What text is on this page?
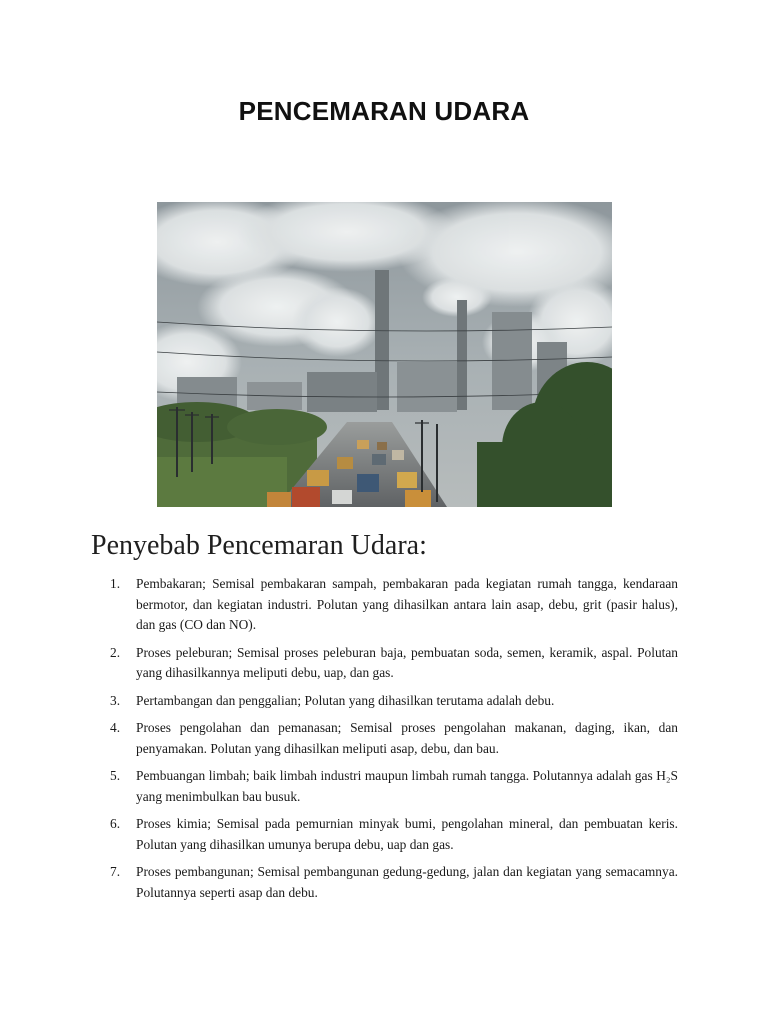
PENCEMARAN UDARA
Penyebab Pencemaran Udara:
1.	Pembakaran; Semisal pembakaran sampah, pembakaran pada kegiatan rumah tangga, kendaraan bermotor, dan kegiatan industri. Polutan yang dihasilkan antara lain asap, debu, grit (pasir halus), dan gas (CO dan NO).
2.	Proses peleburan; Semisal proses peleburan baja, pembuatan soda, semen, keramik, aspal. Polutan yang dihasilkannya meliputi debu, uap, dan gas.
3.	Pertambangan dan penggalian; Polutan yang dihasilkan terutama adalah debu.
4.	Proses pengolahan dan pemanasan; Semisal proses pengolahan makanan, daging, ikan, dan penyamakan. Polutan yang dihasilkan meliputi asap, debu, dan bau.
5.	Pembuangan limbah; baik limbah industri maupun limbah rumah tangga. Polutannya adalah gas H₂S yang menimbulkan bau busuk.
6.	Proses kimia; Semisal pada pemurnian minyak bumi, pengolahan mineral, dan pembuatan keris. Polutan yang dihasilkan umunya berupa debu, uap dan gas.
7.	Proses pembangunan; Semisal pembangunan gedung-gedung, jalan dan kegiatan yang semacamnya. Polutannya seperti asap dan debu.
